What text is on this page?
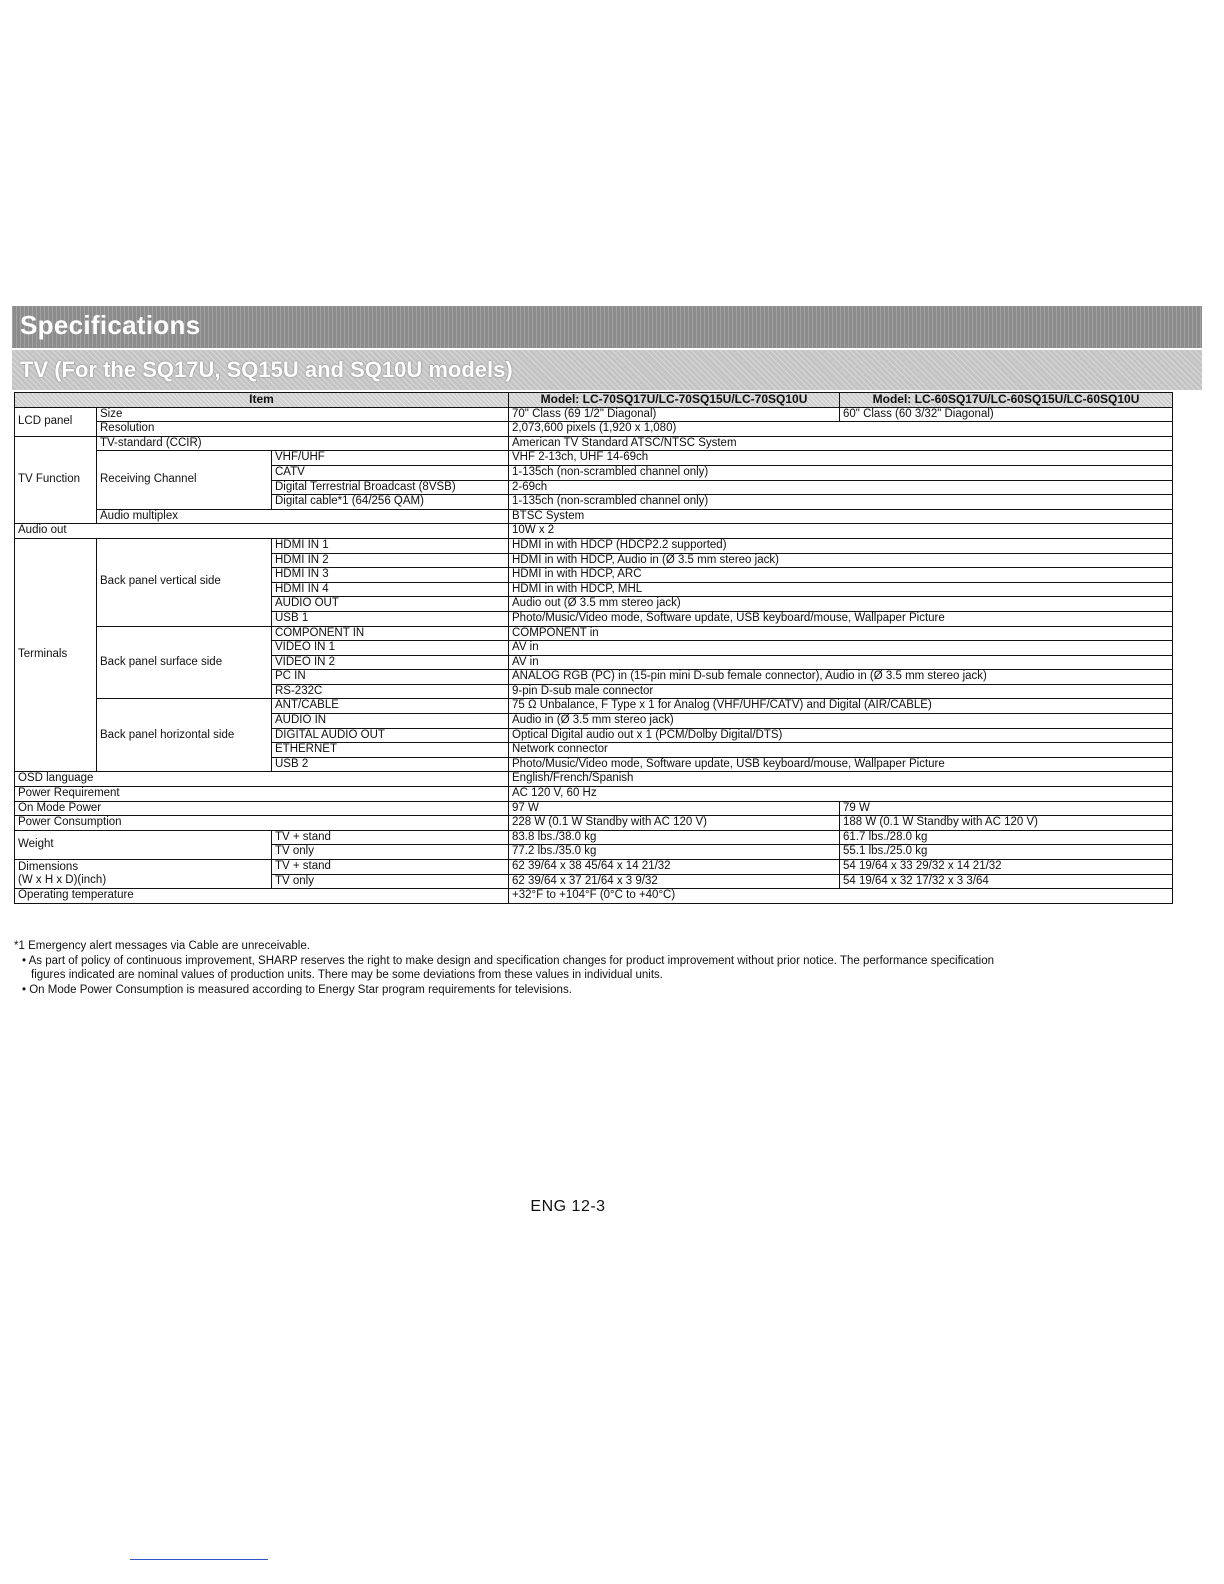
Specifications
TV (For the SQ17U, SQ15U and SQ10U models)
Item			Model: LC-70SQ17U/LC-70SQ15U/LC-70SQ10U	Model: LC-60SQ17U/LC-60SQ15U/LC-60SQ10U
LCD panel	Size		70" Class (69 1/2" Diagonal)	60" Class (60 3/32" Diagonal)
	Resolution		2,073,600 pixels (1,920 x 1,080)	
TV Function	TV-standard (CCIR)		American TV Standard ATSC/NTSC System	
	Receiving Channel	VHF/UHF	VHF 2-13ch, UHF 14-69ch	
		CATV	1-135ch (non-scrambled channel only)	
		Digital Terrestrial Broadcast (8VSB)	2-69ch	
		Digital cable*1 (64/256 QAM)	1-135ch (non-scrambled channel only)	
	Audio multiplex		BTSC System	
Audio out			10W x 2	
Terminals	Back panel vertical side	HDMI IN 1	HDMI in with HDCP (HDCP2.2 supported)	
		HDMI IN 2	HDMI in with HDCP, Audio in (Ø 3.5 mm stereo jack)	
		HDMI IN 3	HDMI in with HDCP, ARC	
		HDMI IN 4	HDMI in with HDCP, MHL	
		AUDIO OUT	Audio out (Ø 3.5 mm stereo jack)	
		USB 1	Photo/Music/Video mode, Software update, USB keyboard/mouse, Wallpaper Picture	
	Back panel surface side	COMPONENT IN	COMPONENT in	
		VIDEO IN 1	AV in	
		VIDEO IN 2	AV in	
		PC IN	ANALOG RGB (PC) in (15-pin mini D-sub female connector), Audio in (Ø 3.5 mm stereo jack)	
		RS-232C	9-pin D-sub male connector	
	Back panel horizontal side	ANT/CABLE	75 Ω Unbalance, F Type x 1 for Analog (VHF/UHF/CATV) and Digital (AIR/CABLE)	
		AUDIO IN	Audio in (Ø 3.5 mm stereo jack)	
		DIGITAL AUDIO OUT	Optical Digital audio out x 1 (PCM/Dolby Digital/DTS)	
		ETHERNET	Network connector	
		USB 2	Photo/Music/Video mode, Software update, USB keyboard/mouse, Wallpaper Picture	
OSD language			English/French/Spanish	
Power Requirement			AC 120 V, 60 Hz	
On Mode Power			97 W	79 W
Power Consumption			228 W (0.1 W Standby with AC 120 V)	188 W (0.1 W Standby with AC 120 V)
Weight		TV + stand	83.8 lbs./38.0 kg	61.7 lbs./28.0 kg
		TV only	77.2 lbs./35.0 kg	55.1 lbs./25.0 kg

Dimensions
(W x H x D)(inch)		TV + stand	62 39/64 x 38 45/64 x 14 21/32	54 19/64 x 33 29/32 x 14 21/32
		TV only	62 39/64 x 37 21/64 x 3 9/32	54 19/64 x 32 17/32 x 3 3/64
Operating temperature			+32°F to +104°F (0°C to +40°C)	

*1 Emergency alert messages via Cable are unreceivable.

• As part of policy of continuous improvement, SHARP reserves the right to make design and specification changes for product improvement without prior notice. The performance specification

figures indicated are nominal values of production units. There may be some deviations from these values in individual units.

• On Mode Power Consumption is measured according to Energy Star program requirements for televisions.

ENG 12-3
